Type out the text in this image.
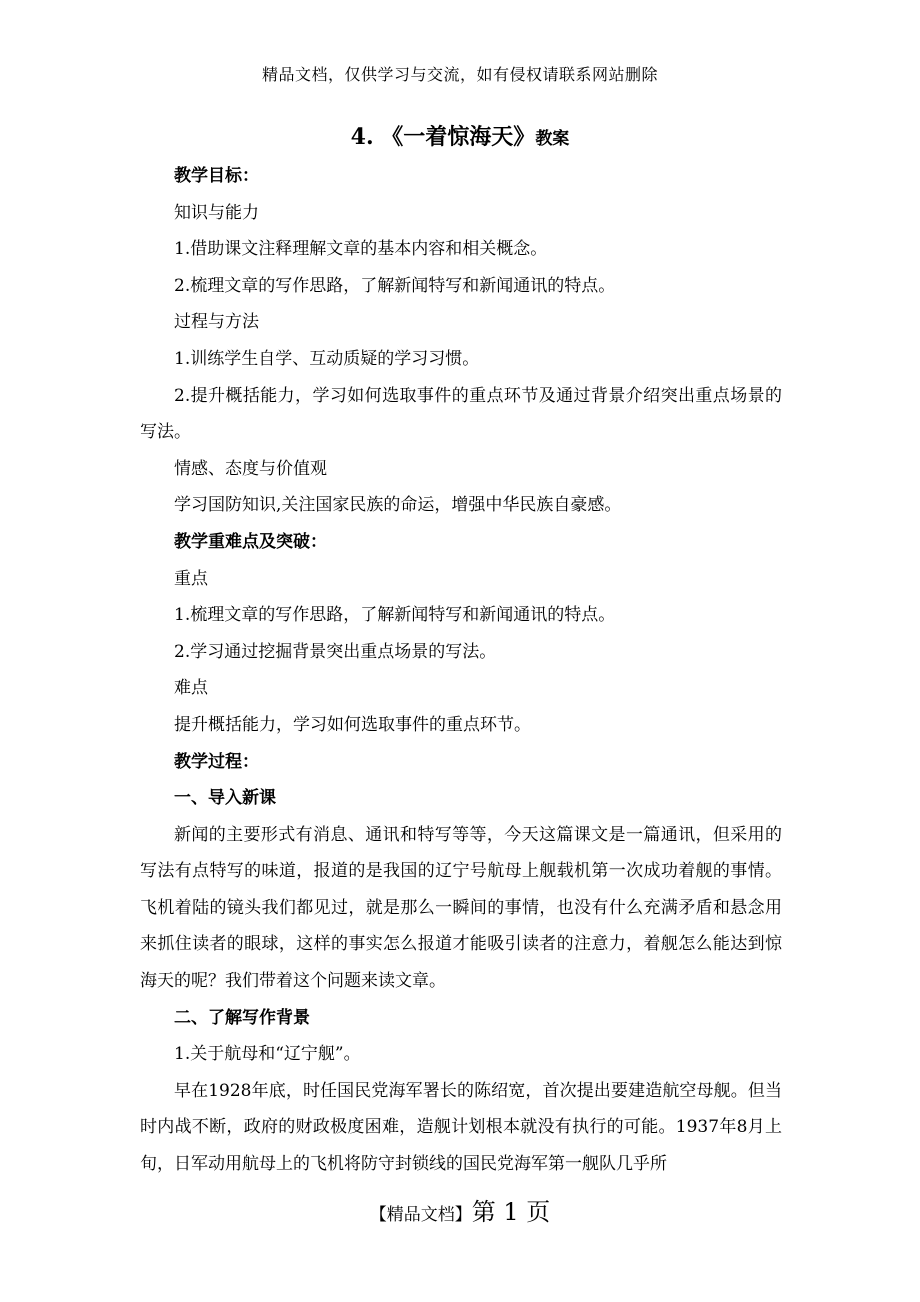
精品文档，仅供学习与交流，如有侵权请联系网站删除
4. 《一着惊海天》教案

教学目标：

知识与能力

1.借助课文注释理解文章的基本内容和相关概念。

2.梳理文章的写作思路，了解新闻特写和新闻通讯的特点。

过程与方法

1.训练学生自学、互动质疑的学习习惯。

2.提升概括能力，学习如何选取事件的重点环节及通过背景介绍突出重点场景的写法。

情感、态度与价值观

学习国防知识,关注国家民族的命运，增强中华民族自豪感。

教学重难点及突破：

重点

1.梳理文章的写作思路，了解新闻特写和新闻通讯的特点。

2.学习通过挖掘背景突出重点场景的写法。

难点

提升概括能力，学习如何选取事件的重点环节。

教学过程：

一、导入新课

新闻的主要形式有消息、通讯和特写等等，今天这篇课文是一篇通讯，但采用的写法有点特写的味道，报道的是我国的辽宁号航母上舰载机第一次成功着舰的事情。飞机着陆的镜头我们都见过，就是那么一瞬间的事情，也没有什么充满矛盾和悬念用来抓住读者的眼球，这样的事实怎么报道才能吸引读者的注意力，着舰怎么能达到惊海天的呢？我们带着这个问题来读文章。

二、了解写作背景

1.关于航母和“辽宁舰”。

早在1928年底，时任国民党海军署长的陈绍宽，首次提出要建造航空母舰。但当时内战不断，政府的财政极度困难，造舰计划根本就没有执行的可能。1937年8月上旬，日军动用航母上的飞机将防守封锁线的国民党海军第一舰队几乎所

【精品文档】第 1 页
